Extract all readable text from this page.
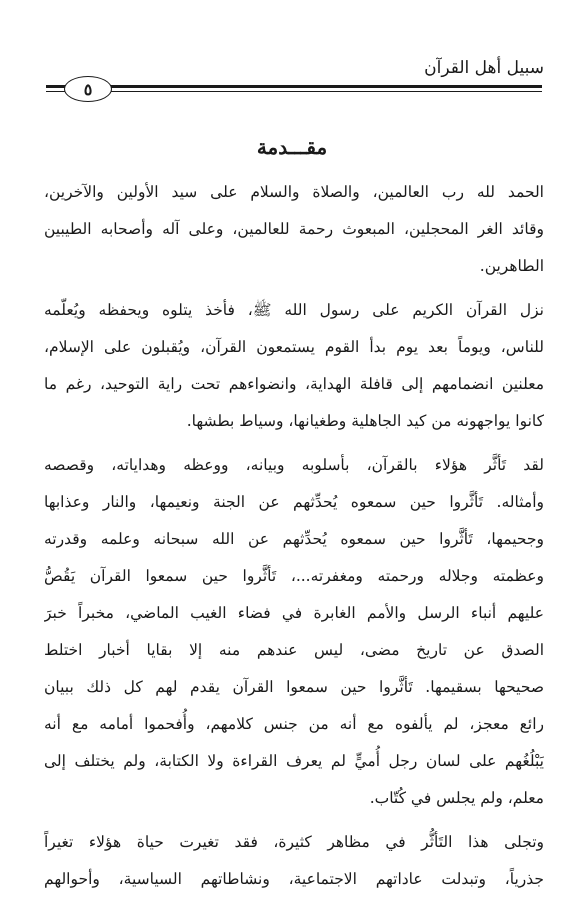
سبيل أهل القرآن
٥
مقـــدمة
الحمد لله رب العالمين، والصلاة والسلام على سيد الأولين والآخرين،
وقائد الغر المحجلين، المبعوث رحمة للعالمين، وعلى آله وأصحابه الطيبين
الطاهرين.
نزل القرآن الكريم على رسول الله ﷺ، فأخذ يتلوه ويحفظه ويُعلّمه
للناس، ويوماً بعد يوم بدأ القوم يستمعون القرآن، ويُقبلون على الإسلام،
معلنين انضمامهم إلى قافلة الهداية، وانضواءهم تحت راية التوحيد، رغم ما
كانوا يواجهونه من كيد الجاهلية وطغيانها، وسياط بطشها.
لقد تَأثَّر هؤلاء بالقرآن، بأسلوبه وبيانه، ووعظه وهداياته، وقصصه
وأمثاله. تَأثَّروا حين سمعوه يُحدِّثهم عن الجنة ونعيمها، والنار وعذابها
وجحيمها، تَأثَّروا حين سمعوه يُحدِّثهم عن الله سبحانه وعلمه وقدرته
وعظمته وجلاله ورحمته ومغفرته...، تَأثَّروا حين سمعوا القرآن يَقُصُّ
عليهم أنباء الرسل والأمم الغابرة في فضاء الغيب الماضي، مخبراً خبرَ
الصدق عن تاريخ مضى، ليس عندهم منه إلا بقايا أخبار اختلط
صحيحها بسقيمها. تَأثَّروا حين سمعوا القرآن يقدم لهم كل ذلك ببيان
رائع معجز، لم يألفوه مع أنه من جنس كلامهم، وأُفحموا أمامه مع أنه
يَبْلُغُهم على لسان رجل أُميٍّ لم يعرف القراءة ولا الكتابة، ولم يختلف إلى
معلم، ولم يجلس في كُتّاب.
وتجلى هذا التَأثُّر في مظاهر كثيرة، فقد تغيرت حياة هؤلاء تغيراً
جذرياً، وتبدلت عاداتهم الاجتماعية، ونشاطاتهم السياسية، وأحوالهم
